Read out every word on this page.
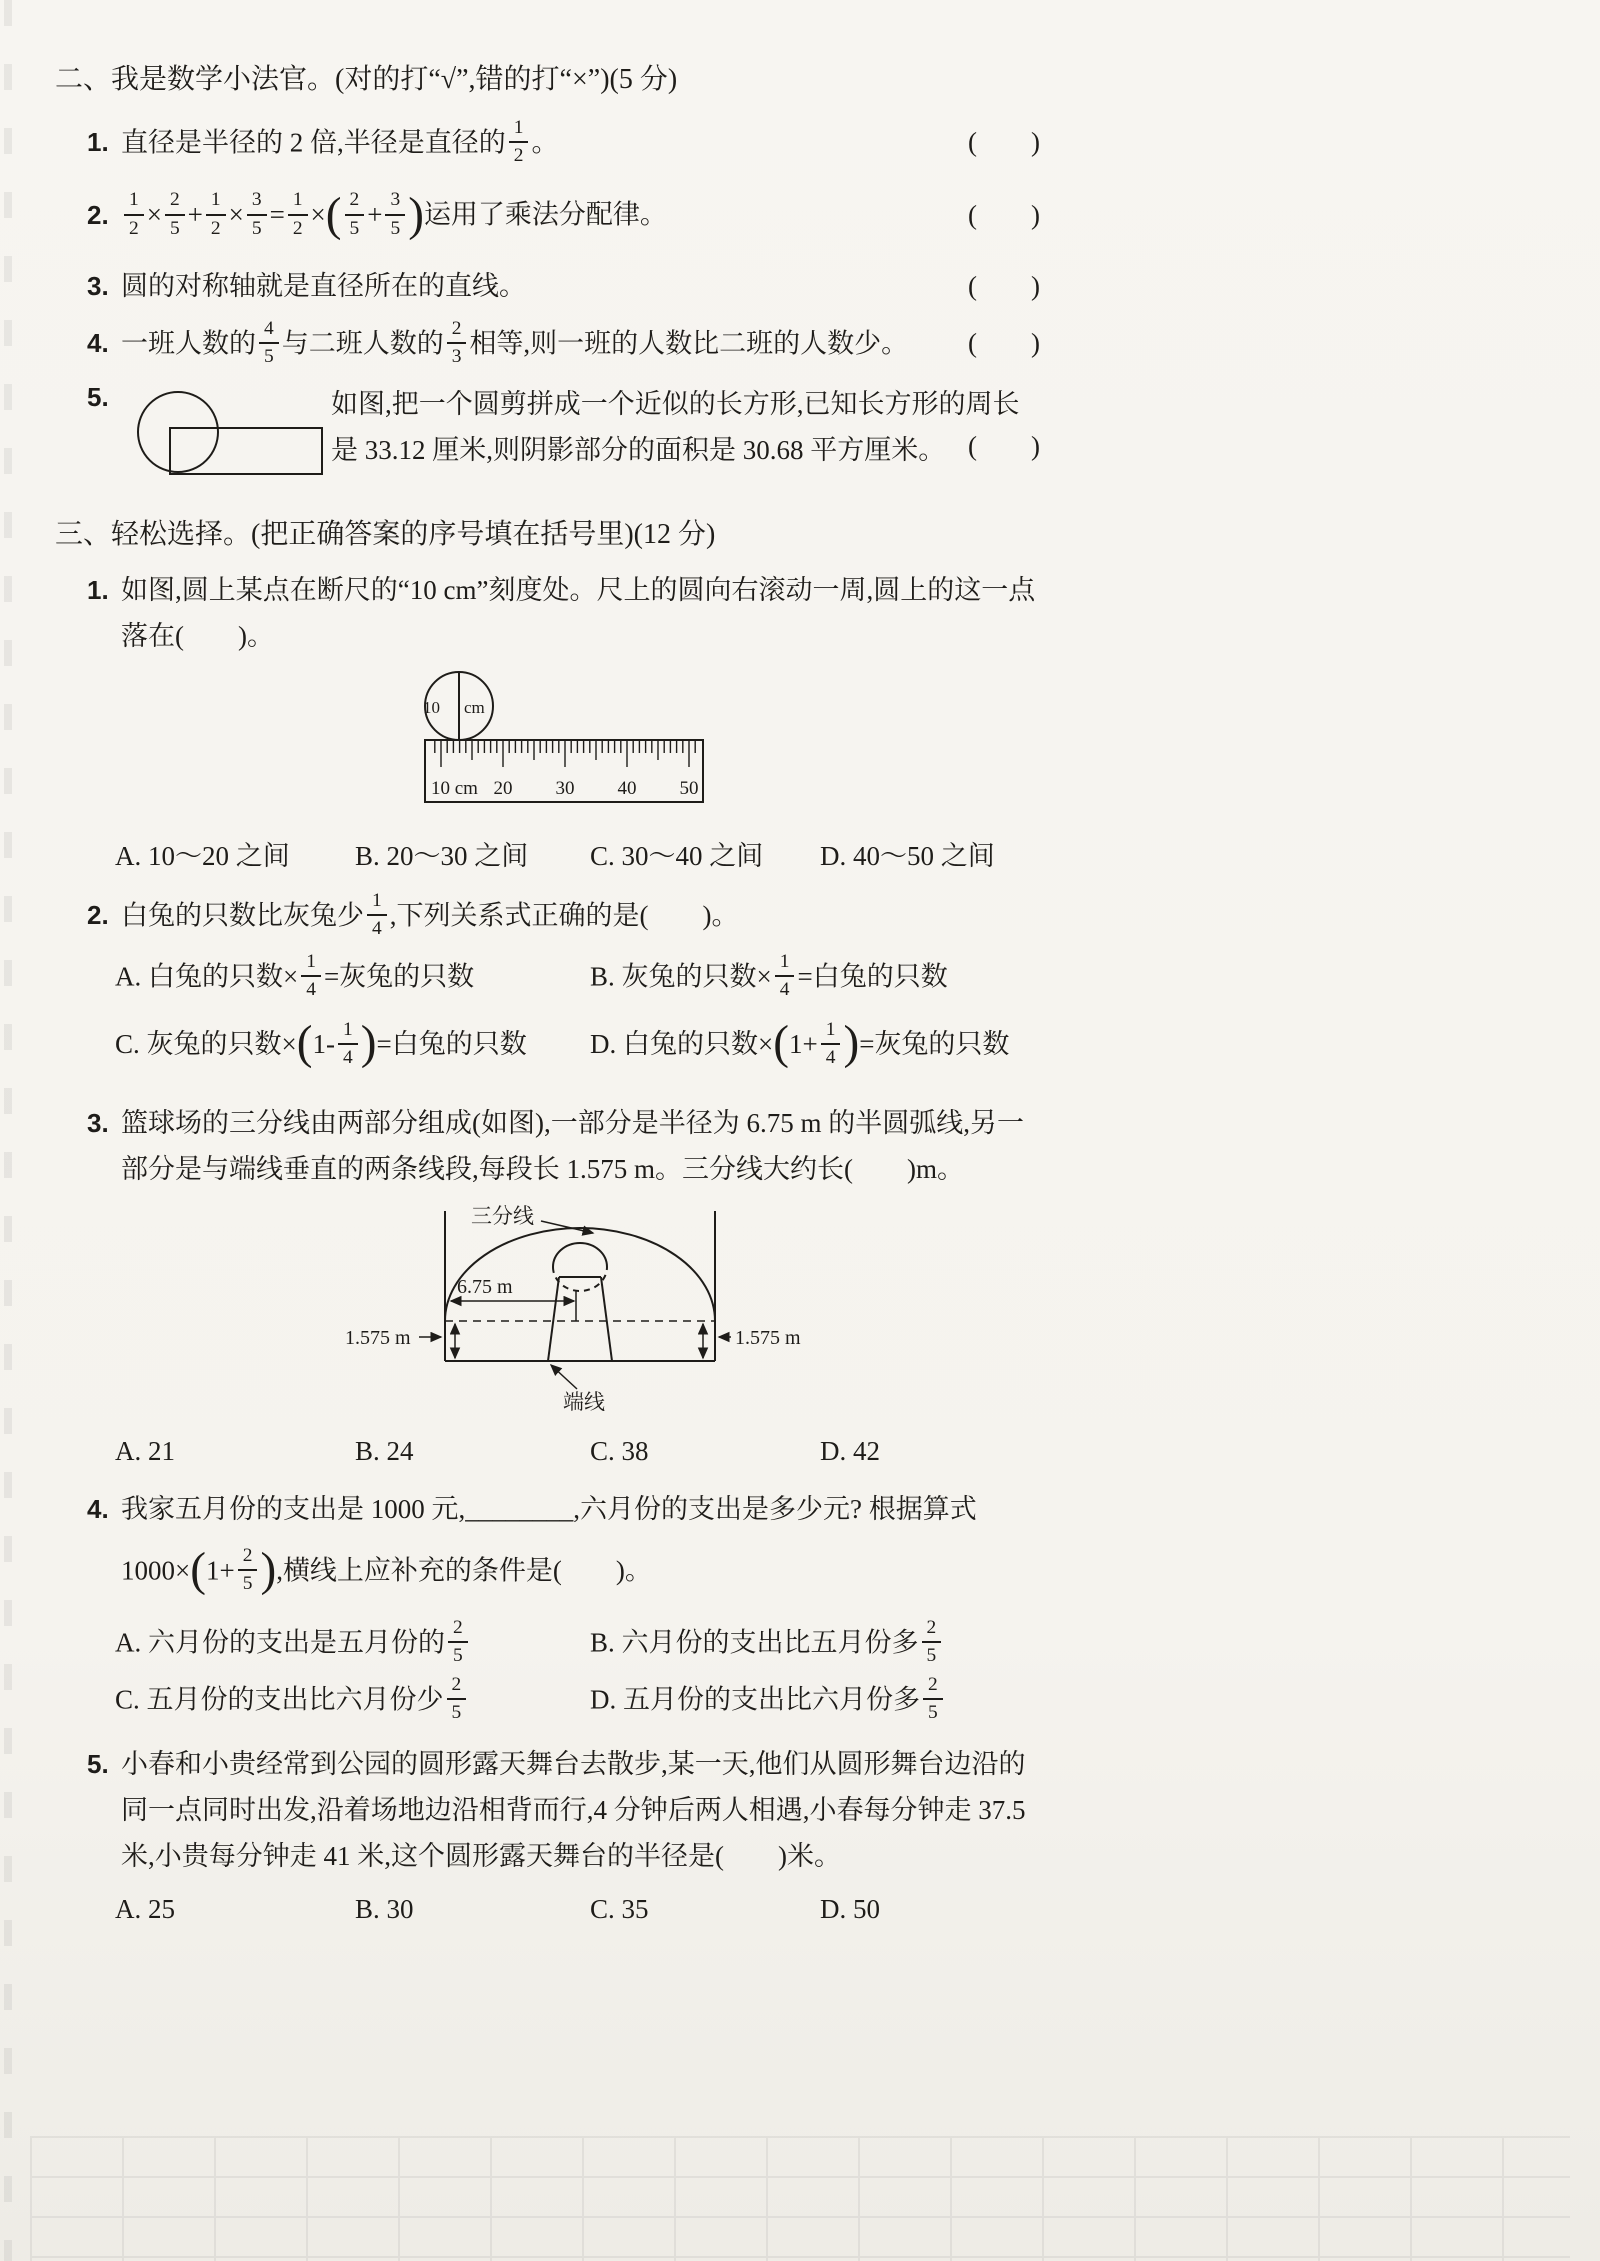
二、我是数学小法官。(对的打“√”,错的打“×”)(5 分)
1. 直径是半径的 2 倍,半径是直径的 $\frac{1}{2}$ 。	(　　)
2. $\frac{1}{2} \times \frac{2}{5} + \frac{1}{2} \times \frac{3}{5} = \frac{1}{2}$ ×( $\frac{2}{5} + \frac{3}{5}$ )运用了乘法分配律。	(　　)
3. 圆的对称轴就是直径所在的直线。	(　　)
4. 一班人数的 $\frac{4}{5}$ 与二班人数的 $\frac{2}{3}$ 相等,则一班的人数比二班的人数少。	(　　)
5.	如图,把一个圆剪拼成一个近似的长方形,已知长方形的周长是 33.12 厘米,则阴影部分的面积是 30.68 平方厘米。 (　　)
三、轻松选择。(把正确答案的序号填在括号里)(12 分)
1. 如图,圆上某点在断尺的“10 cm”刻度处。尺上的圆向右滚动一周,圆上的这一点落在(　　)。
10 cm
10 cm 20 30 40 50
A. 10～20 之间	B. 20～30 之间	C. 30～40 之间	D. 40～50 之间
2. 白兔的只数比灰兔少 $\frac{1}{4}$ ,下列关系式正确的是(　　)。
A. 白兔的只数× $\frac{1}{4}$ =灰兔的只数	B. 灰兔的只数× $\frac{1}{4}$ =白兔的只数
C. 灰兔的只数$\times(1- \frac{1}{4}$ )=白兔的只数	D. 白兔的只数$\times(1+ \frac{1}{4}$ )=灰兔的只数
3. 篮球场的三分线由两部分组成(如图),一部分是半径为 6.75 m 的半圆弧线,另一部分是与端线垂直的两条线段,每段长 1.575 m。三分线大约长(　　)m。
6.75 m
1.575 m	1.575 m
三分线
端线
A. 21	B. 24	C. 38	D. 42
4. 我家五月份的支出是 1000 元,________,六月份的支出是多少元? 根据算式 $1000\times(1+ \frac{2}{5}$ ),横线上应补充的条件是(　　)。
A. 六月份的支出是五月份的 $\frac{2}{5}$	B. 六月份的支出比五月份多 $\frac{2}{5}$
C. 五月份的支出比六月份少 $\frac{2}{5}$	D. 五月份的支出比六月份多 $\frac{2}{5}$
5. 小春和小贵经常到公园的圆形露天舞台去散步,某一天,他们从圆形舞台边沿的同一点同时出发,沿着场地边沿相背而行,4 分钟后两人相遇,小春每分钟走 37.5 米,小贵每分钟走 41 米,这个圆形露天舞台的半径是(　　)米。
A. 25	B. 30	C. 35	D. 50
